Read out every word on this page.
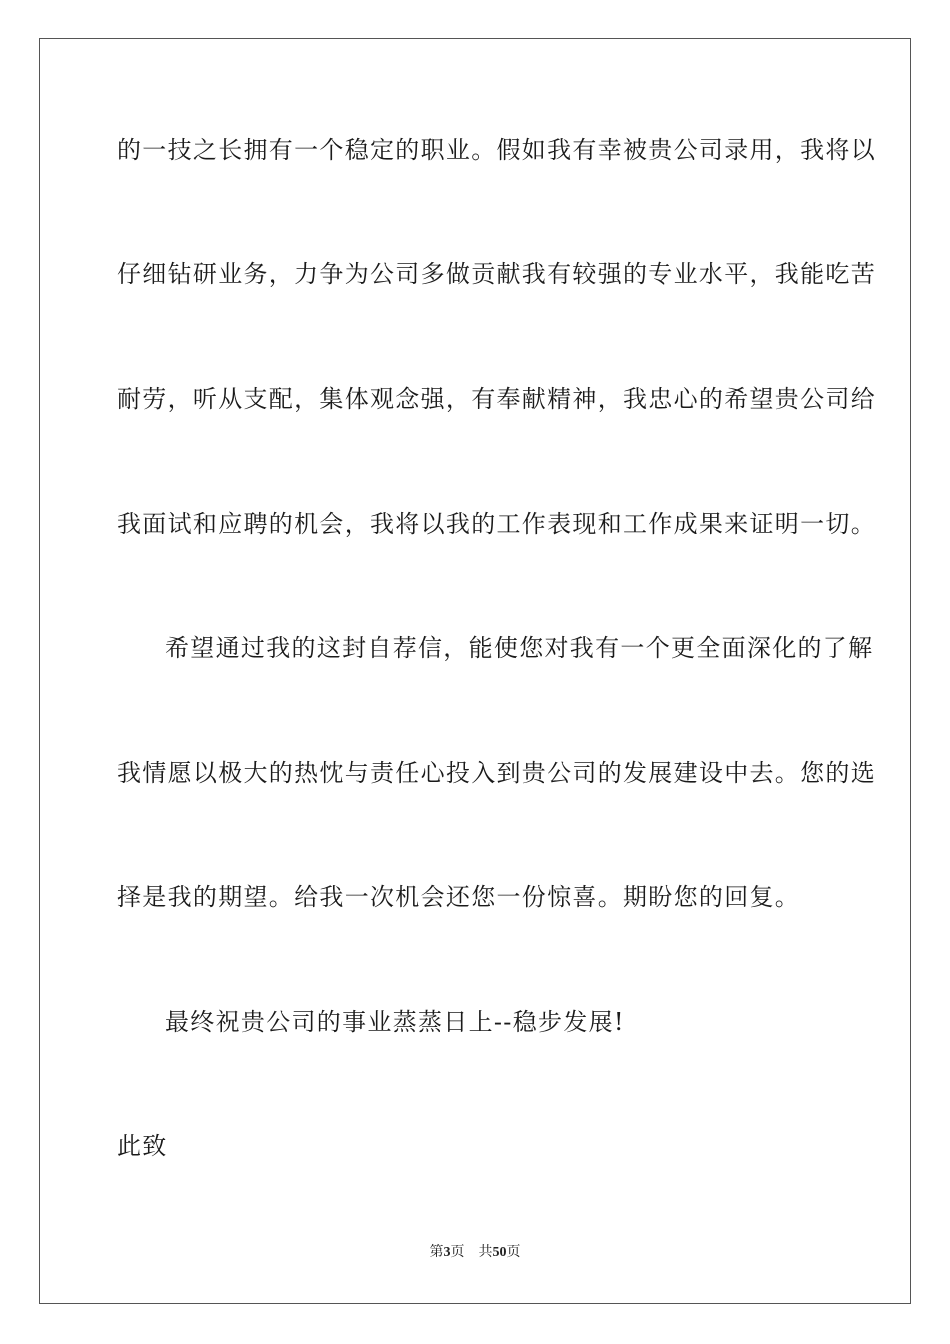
的一技之长拥有一个稳定的职业。假如我有幸被贵公司录用，我将以
仔细钻研业务，力争为公司多做贡献我有较强的专业水平，我能吃苦
耐劳，听从支配，集体观念强，有奉献精神，我忠心的希望贵公司给
我面试和应聘的机会，我将以我的工作表现和工作成果来证明一切。
希望通过我的这封自荐信，能使您对我有一个更全面深化的了解
我情愿以极大的热忱与责任心投入到贵公司的发展建设中去。您的选
择是我的期望。给我一次机会还您一份惊喜。期盼您的回复。
最终祝贵公司的事业蒸蒸日上--稳步发展!
此致
第3页 共50页
